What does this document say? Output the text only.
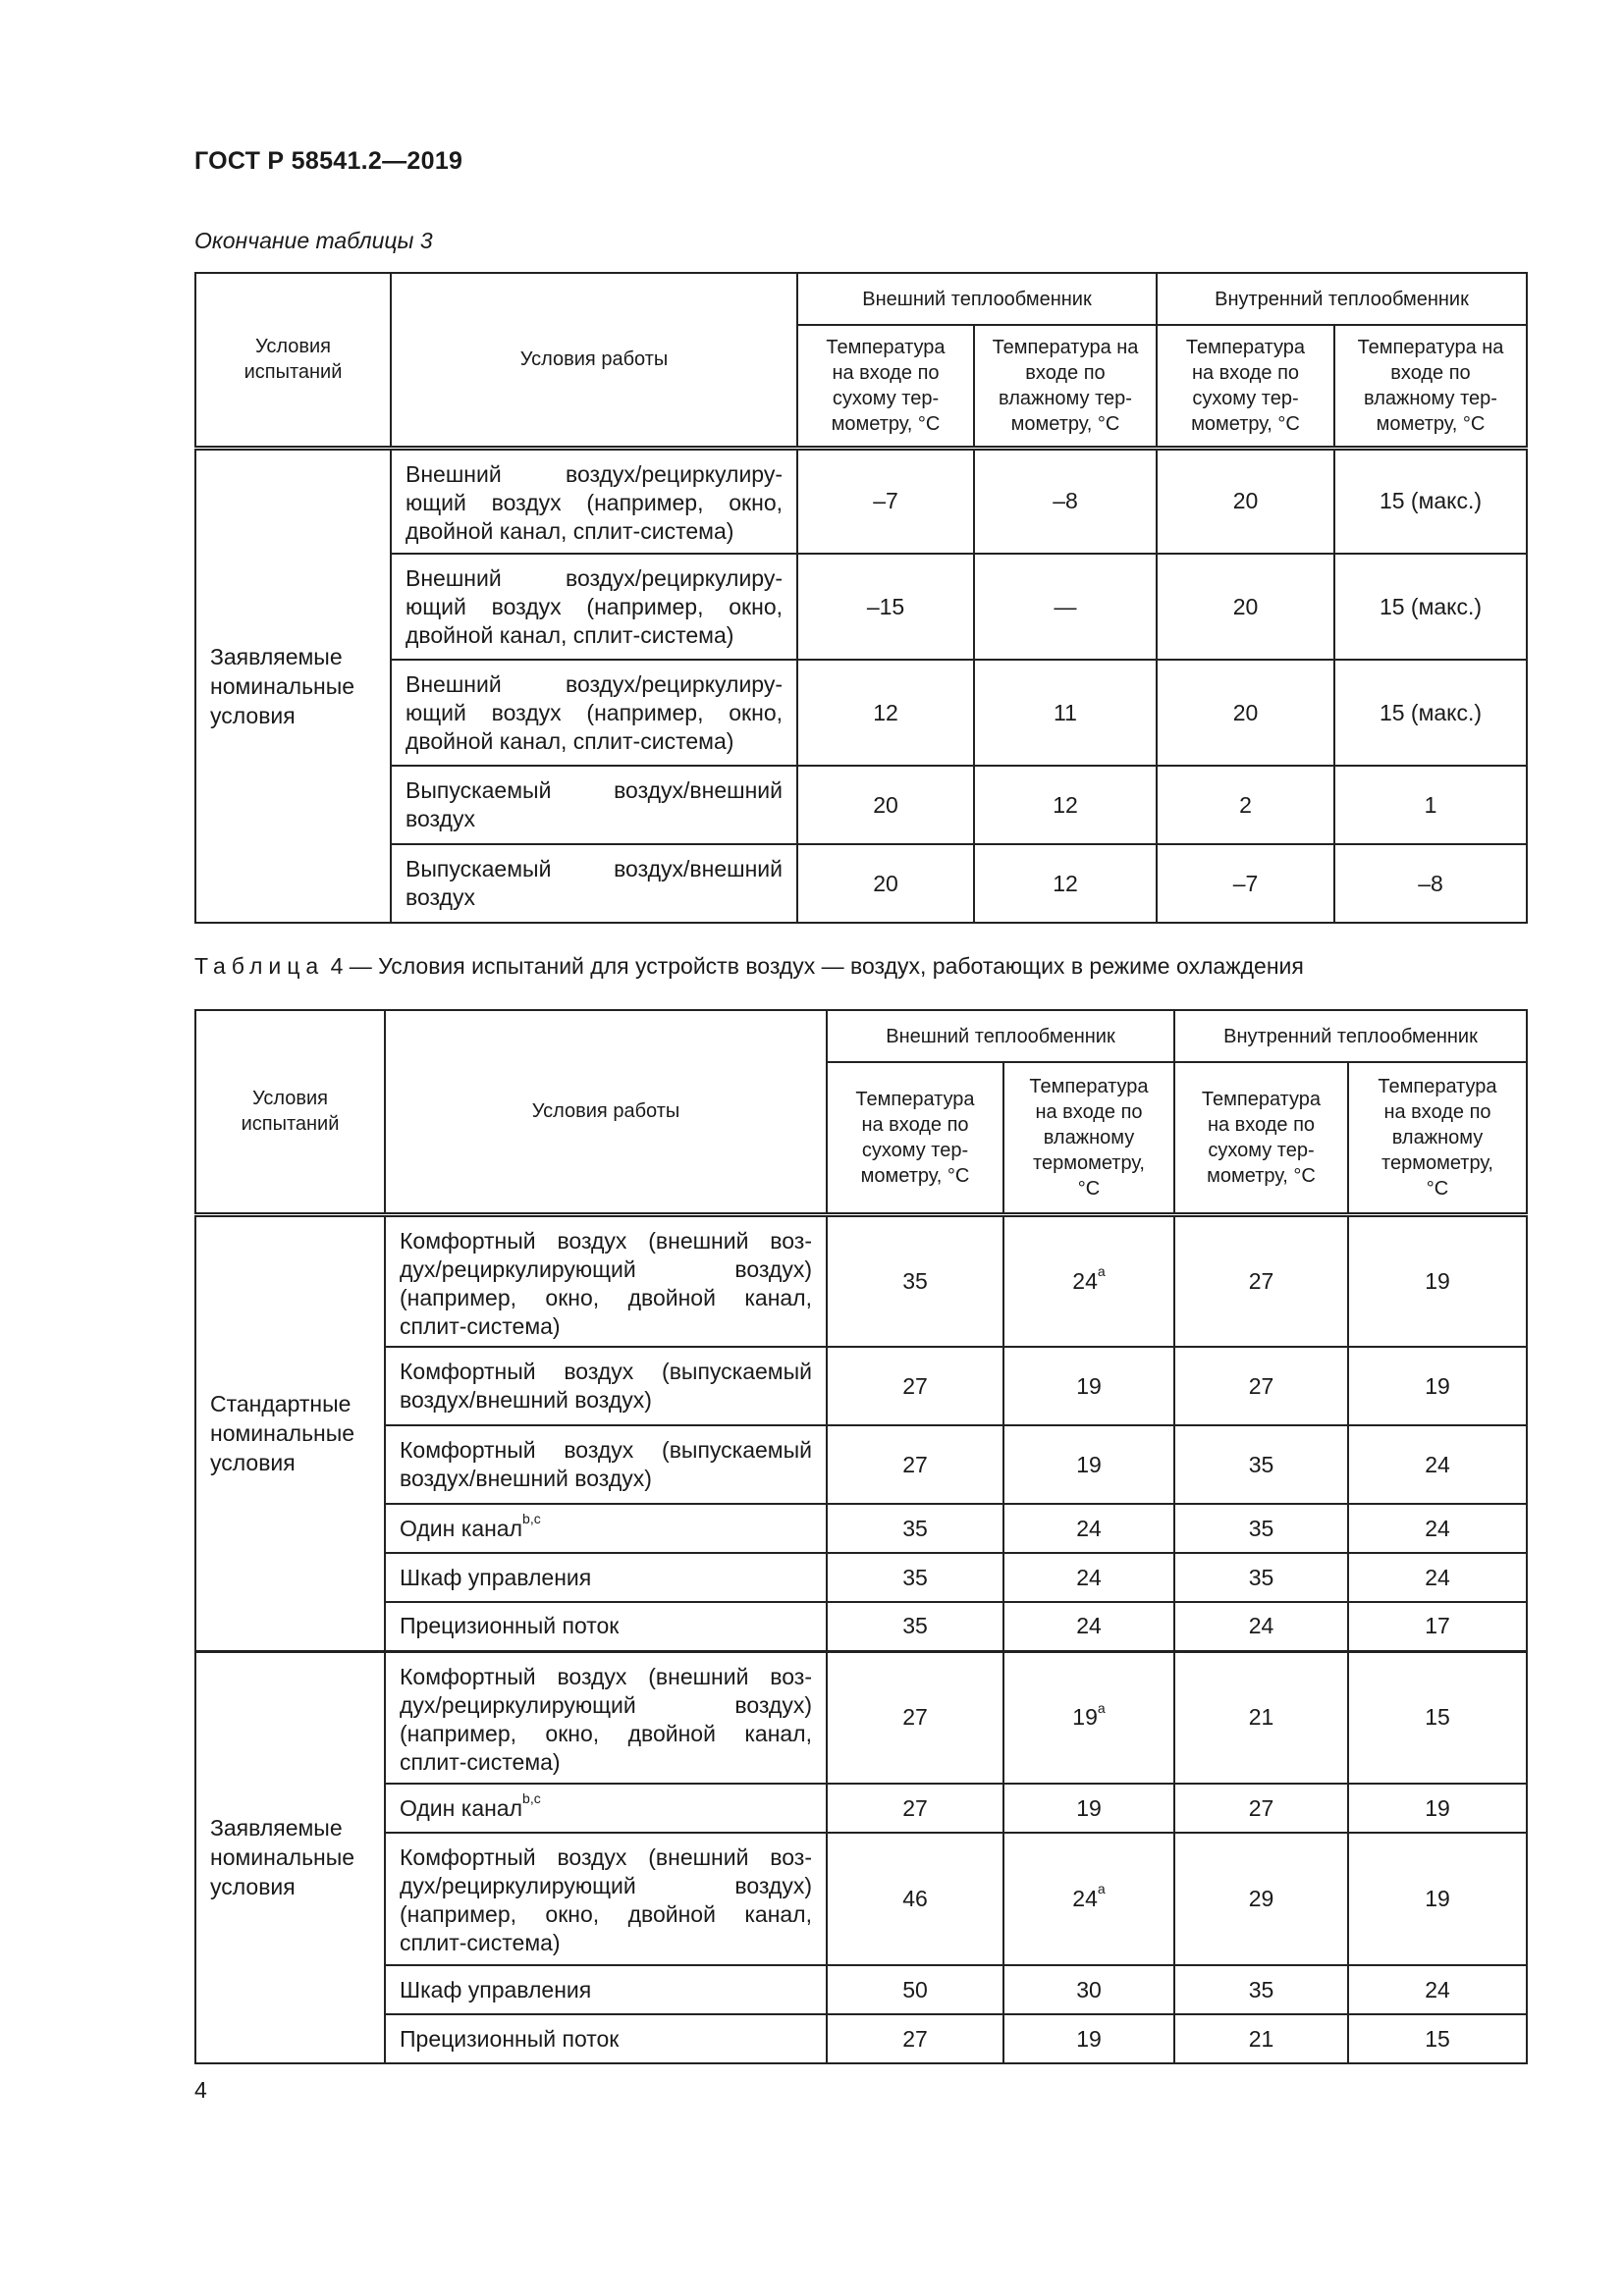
ГОСТ Р 58541.2—2019
Окончание таблицы 3
Условия испытаний	Условия работы	Внешний теплообменник		Внутренний теплообменник	

		Температура на входе по сухому тер- мометру, °С	Температура на входе по влажному тер- мометру, °С	Температура на входе по сухому тер- мометру, °С	Температура на входе по влажному тер- мометру, °С

Заявляемые номинальные условия	Внешний воздух/рециркулиру- ющий воздух (например, окно, двойной канал, сплит-система)	–7	–8	20	15 (макс.)
	Внешний воздух/рециркулиру- ющий воздух (например, окно, двойной канал, сплит-система)	–15	—	20	15 (макс.)
	Внешний воздух/рециркулиру- ющий воздух (например, окно, двойной канал, сплит-система)	12	11	20	15 (макс.)
	Выпускаемый воздух/внешний воздух	20	12	2	1
	Выпускаемый воздух/внешний воздух	20	12	–7	–8
Таблица 4 — Условия испытаний для устройств воздух — воздух, работающих в режиме охлаждения
Условия испытаний	Условия работы	Внешний теплообменник		Внутренний теплообменник	

		Температура на входе по сухому тер- мометру, °С	Температура на входе по влажному термометру, °С	Температура на входе по сухому тер- мометру, °С	Температура на входе по влажному термометру, °С

Стандартные номинальные условия	Комфортный воздух (внешний воз- дух/рециркулирующий воздух) (например, окно, двойной канал, сплит-система)	35	24$^a$	27	19
	Комфортный воздух (выпускаемый воздух/внешний воздух)	27	19	27	19
	Комфортный воздух (выпускаемый воздух/внешний воздух)	27	19	35	24
	Один канал$^{b,c}$	35	24	35	24
	Шкаф управления	35	24	35	24
	Прецизионный поток	35	24	24	17

Заявляемые номинальные условия	Комфортный воздух (внешний воз- дух/рециркулирующий воздух) (например, окно, двойной канал, сплит-система)	27	19$^a$	21	15
	Один канал$^{b,c}$	27	19	27	19
	Комфортный воздух (внешний воз- дух/рециркулирующий воздух) (например, окно, двойной канал, сплит-система)	46	24$^a$	29	19
	Шкаф управления	50	30	35	24
	Прецизионный поток	27	19	21	15
4
